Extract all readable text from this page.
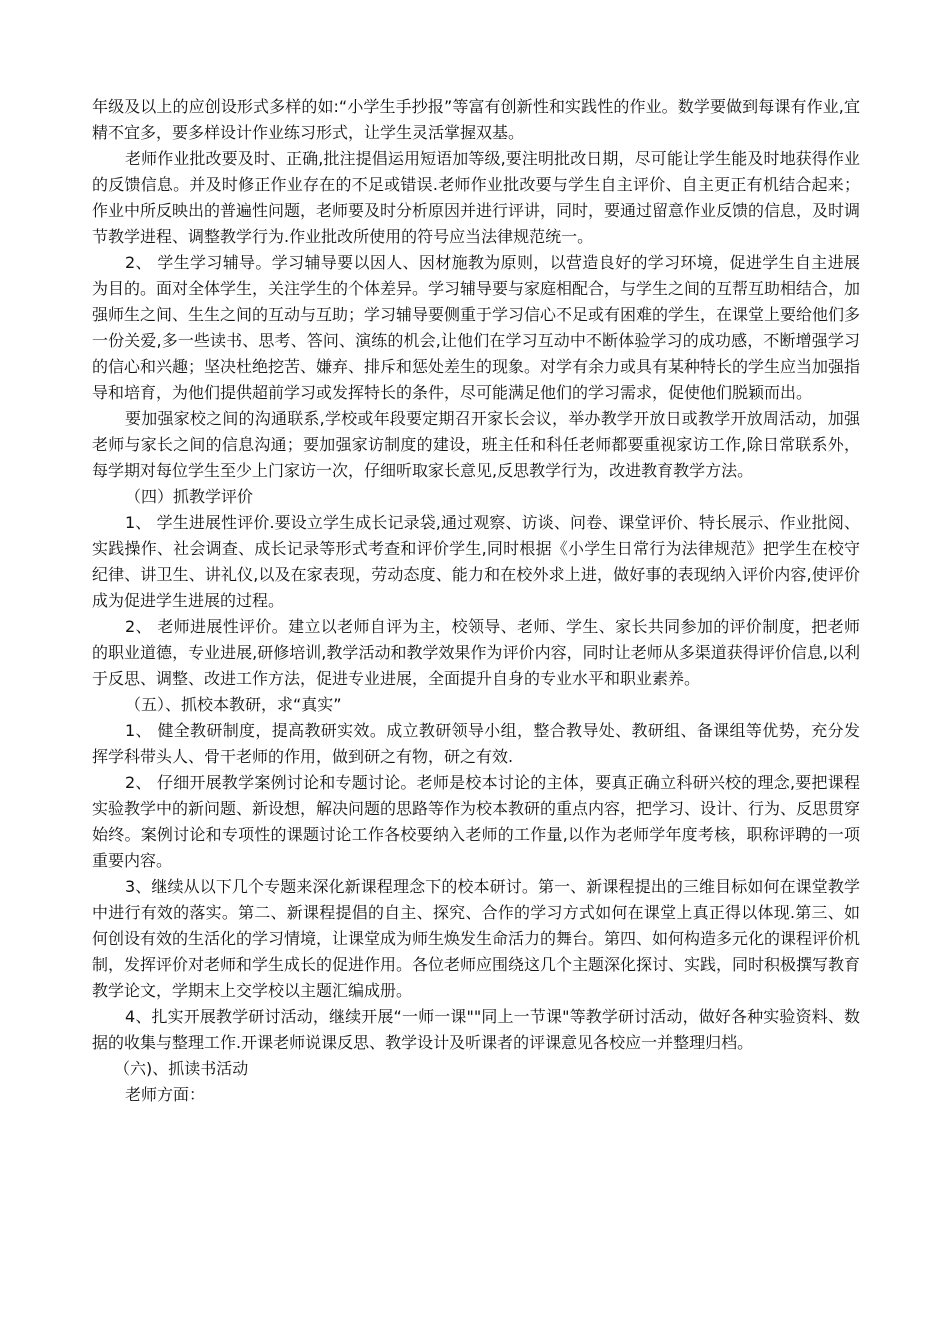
年级及以上的应创设形式多样的如:“小学生手抄报”等富有创新性和实践性的作业。数学要做到每课有作业,宜精不宜多，要多样设计作业练习形式，让学生灵活掌握双基。

老师作业批改要及时、正确,批注提倡运用短语加等级,要注明批改日期，尽可能让学生能及时地获得作业的反馈信息。并及时修正作业存在的不足或错误.老师作业批改要与学生自主评价、自主更正有机结合起来；作业中所反映出的普遍性问题，老师要及时分析原因并进行评讲，同时，要通过留意作业反馈的信息，及时调节教学进程、调整教学行为.作业批改所使用的符号应当法律规范统一。

2、 学生学习辅导。学习辅导要以因人、因材施教为原则，以营造良好的学习环境，促进学生自主进展为目的。面对全体学生，关注学生的个体差异。学习辅导要与家庭相配合，与学生之间的互帮互助相结合，加强师生之间、生生之间的互动与互助；学习辅导要侧重于学习信心不足或有困难的学生，在课堂上要给他们多一份关爱,多一些读书、思考、答问、演练的机会,让他们在学习互动中不断体验学习的成功感，不断增强学习的信心和兴趣；坚决杜绝挖苦、嫌弃、排斥和惩处差生的现象。对学有余力或具有某种特长的学生应当加强指导和培育，为他们提供超前学习或发挥特长的条件，尽可能满足他们的学习需求，促使他们脱颖而出。

要加强家校之间的沟通联系,学校或年段要定期召开家长会议，举办教学开放日或教学开放周活动，加强老师与家长之间的信息沟通；要加强家访制度的建设，班主任和科任老师都要重视家访工作,除日常联系外，每学期对每位学生至少上门家访一次，仔细听取家长意见,反思教学行为，改进教育教学方法。

（四）抓教学评价

1、 学生进展性评价.要设立学生成长记录袋,通过观察、访谈、问卷、课堂评价、特长展示、作业批阅、实践操作、社会调查、成长记录等形式考查和评价学生,同时根据《小学生日常行为法律规范》把学生在校守纪律、讲卫生、讲礼仪,以及在家表现，劳动态度、能力和在校外求上进，做好事的表现纳入评价内容,使评价成为促进学生进展的过程。

2、 老师进展性评价。建立以老师自评为主，校领导、老师、学生、家长共同参加的评价制度，把老师的职业道德，专业进展,研修培训,教学活动和教学效果作为评价内容，同时让老师从多渠道获得评价信息,以利于反思、调整、改进工作方法，促进专业进展，全面提升自身的专业水平和职业素养。

（五）、抓校本教研，求“真实”

1、 健全教研制度，提高教研实效。成立教研领导小组，整合教导处、教研组、备课组等优势，充分发挥学科带头人、骨干老师的作用，做到研之有物，研之有效.

2、 仔细开展教学案例讨论和专题讨论。老师是校本讨论的主体，要真正确立科研兴校的理念,要把课程实验教学中的新问题、新设想，解决问题的思路等作为校本教研的重点内容，把学习、设计、行为、反思贯穿始终。案例讨论和专项性的课题讨论工作各校要纳入老师的工作量,以作为老师学年度考核，职称评聘的一项重要内容。

3、继续从以下几个专题来深化新课程理念下的校本研讨。第一、新课程提出的三维目标如何在课堂教学中进行有效的落实。第二、新课程提倡的自主、探究、合作的学习方式如何在课堂上真正得以体现.第三、如何创设有效的生活化的学习情境，让课堂成为师生焕发生命活力的舞台。第四、如何构造多元化的课程评价机制，发挥评价对老师和学生成长的促进作用。各位老师应围绕这几个主题深化探讨、实践，同时积极撰写教育教学论文，学期末上交学校以主题汇编成册。

4、扎实开展教学研讨活动，继续开展“一师一课""同上一节课"等教学研讨活动，做好各种实验资料、数据的收集与整理工作.开课老师说课反思、教学设计及听课者的评课意见各校应一并整理归档。

（六)、抓读书活动

老师方面：
